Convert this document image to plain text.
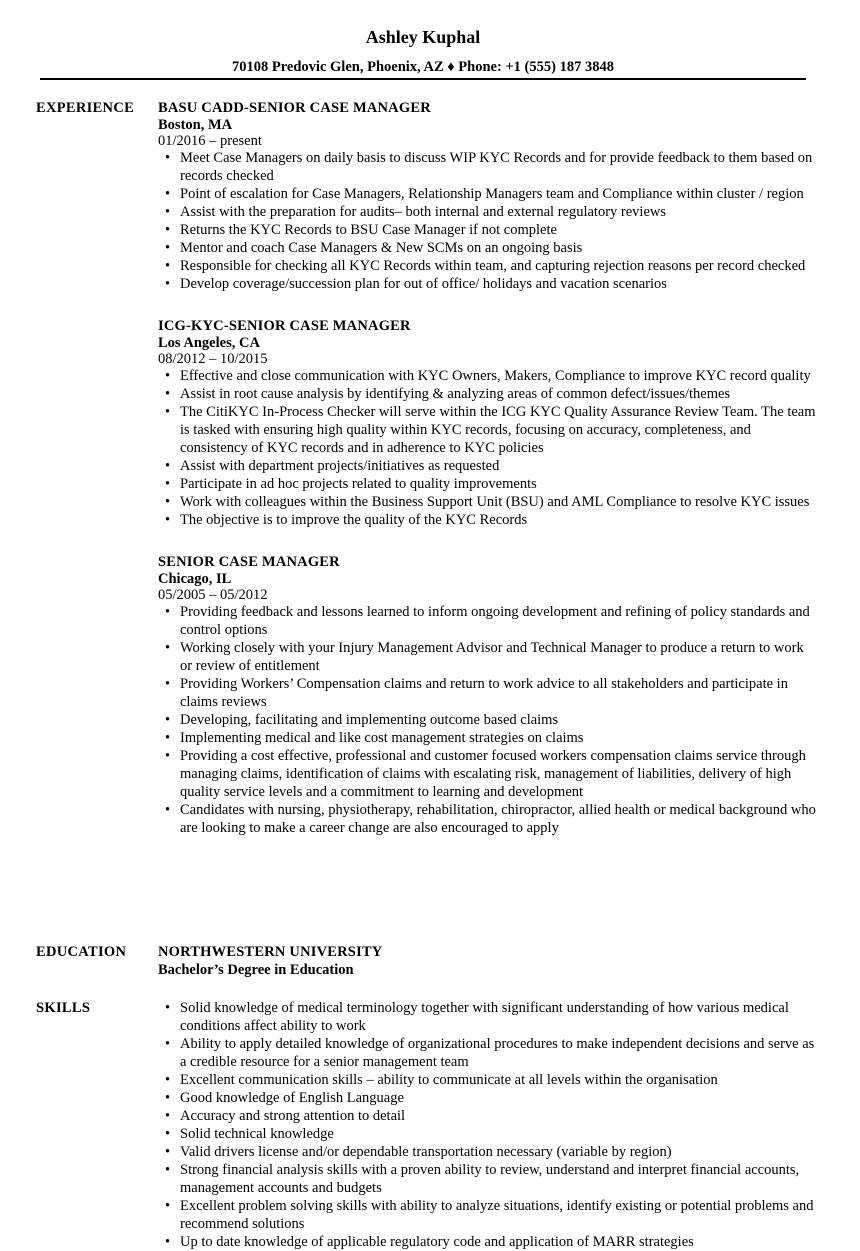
Ashley Kuphal
70108 Predovic Glen, Phoenix, AZ ♦ Phone: +1 (555) 187 3848
EXPERIENCE BASU CADD-SENIOR CASE MANAGER
Boston, MA
01/2016 – present
• Meet Case Managers on daily basis to discuss WIP KYC Records and for provide feedback to them based on records checked
• Point of escalation for Case Managers, Relationship Managers team and Compliance within cluster / region
• Assist with the preparation for audits– both internal and external regulatory reviews
• Returns the KYC Records to BSU Case Manager if not complete
• Mentor and coach Case Managers & New SCMs on an ongoing basis
• Responsible for checking all KYC Records within team, and capturing rejection reasons per record checked
• Develop coverage/succession plan for out of office/ holidays and vacation scenarios
ICG-KYC-SENIOR CASE MANAGER
Los Angeles, CA
08/2012 – 10/2015
• Effective and close communication with KYC Owners, Makers, Compliance to improve KYC record quality
• Assist in root cause analysis by identifying & analyzing areas of common defect/issues/themes
• The CitiKYC In-Process Checker will serve within the ICG KYC Quality Assurance Review Team. The team is tasked with ensuring high quality within KYC records, focusing on accuracy, completeness, and consistency of KYC records and in adherence to KYC policies
• Assist with department projects/initiatives as requested
• Participate in ad hoc projects related to quality improvements
• Work with colleagues within the Business Support Unit (BSU) and AML Compliance to resolve KYC issues
• The objective is to improve the quality of the KYC Records
SENIOR CASE MANAGER
Chicago, IL
05/2005 – 05/2012
• Providing feedback and lessons learned to inform ongoing development and refining of policy standards and control options
• Working closely with your Injury Management Advisor and Technical Manager to produce a return to work or review of entitlement
• Providing Workers’ Compensation claims and return to work advice to all stakeholders and participate in claims reviews
• Developing, facilitating and implementing outcome based claims
• Implementing medical and like cost management strategies on claims
• Providing a cost effective, professional and customer focused workers compensation claims service through managing claims, identification of claims with escalating risk, management of liabilities, delivery of high quality service levels and a commitment to learning and development
• Candidates with nursing, physiotherapy, rehabilitation, chiropractor, allied health or medical background who are looking to make a career change are also encouraged to apply
EDUCATION NORTHWESTERN UNIVERSITY
Bachelor’s Degree in Education
SKILLS
•	Solid knowledge of medical terminology together with significant understanding of how various medical conditions affect ability to work
• Ability to apply detailed knowledge of organizational procedures to make independent decisions and serve as a credible resource for a senior management team
• Excellent communication skills – ability to communicate at all levels within the organisation
• Good knowledge of English Language
• Accuracy and strong attention to detail
• Solid technical knowledge
• Valid drivers license and/or dependable transportation necessary (variable by region)
• Strong financial analysis skills with a proven ability to review, understand and interpret financial accounts, management accounts and budgets
• Excellent problem solving skills with ability to analyze situations, identify existing or potential problems and recommend solutions
• Up to date knowledge of applicable regulatory code and application of MARR strategies
